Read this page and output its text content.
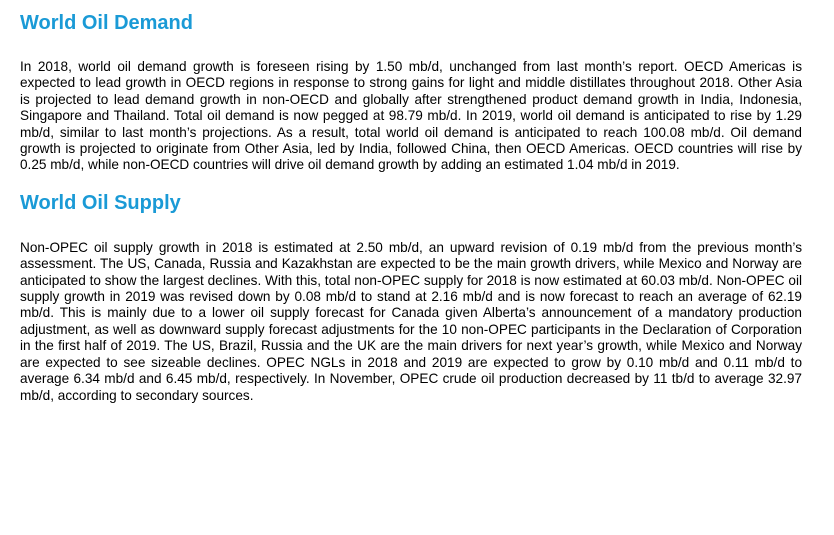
World Oil Demand

In 2018, world oil demand growth is foreseen rising by 1.50 mb/d, unchanged from last month’s report. OECD Americas is expected to lead growth in OECD regions in response to strong gains for light and middle distillates throughout 2018. Other Asia is projected to lead demand growth in non-OECD and globally after strengthened product demand growth in India, Indonesia, Singapore and Thailand. Total oil demand is now pegged at 98.79 mb/d. In 2019, world oil demand is anticipated to rise by 1.29 mb/d, similar to last month’s projections. As a result, total world oil demand is anticipated to reach 100.08 mb/d. Oil demand growth is projected to originate from Other Asia, led by India, followed China, then OECD Americas. OECD countries will rise by 0.25 mb/d, while non-OECD countries will drive oil demand growth by adding an estimated 1.04 mb/d in 2019.

World Oil Supply

Non-OPEC oil supply growth in 2018 is estimated at 2.50 mb/d, an upward revision of 0.19 mb/d from the previous month’s assessment. The US, Canada, Russia and Kazakhstan are expected to be the main growth drivers, while Mexico and Norway are anticipated to show the largest declines. With this, total non-OPEC supply for 2018 is now estimated at 60.03 mb/d. Non-OPEC oil supply growth in 2019 was revised down by 0.08 mb/d to stand at 2.16 mb/d and is now forecast to reach an average of 62.19 mb/d. This is mainly due to a lower oil supply forecast for Canada given Alberta’s announcement of a mandatory production adjustment, as well as downward supply forecast adjustments for the 10 non-OPEC participants in the Declaration of Corporation in the first half of 2019. The US, Brazil, Russia and the UK are the main drivers for next year’s growth, while Mexico and Norway are expected to see sizeable declines. OPEC NGLs in 2018 and 2019 are expected to grow by 0.10 mb/d and 0.11 mb/d to average 6.34 mb/d and 6.45 mb/d, respectively. In November, OPEC crude oil production decreased by 11 tb/d to average 32.97 mb/d, according to secondary sources.
